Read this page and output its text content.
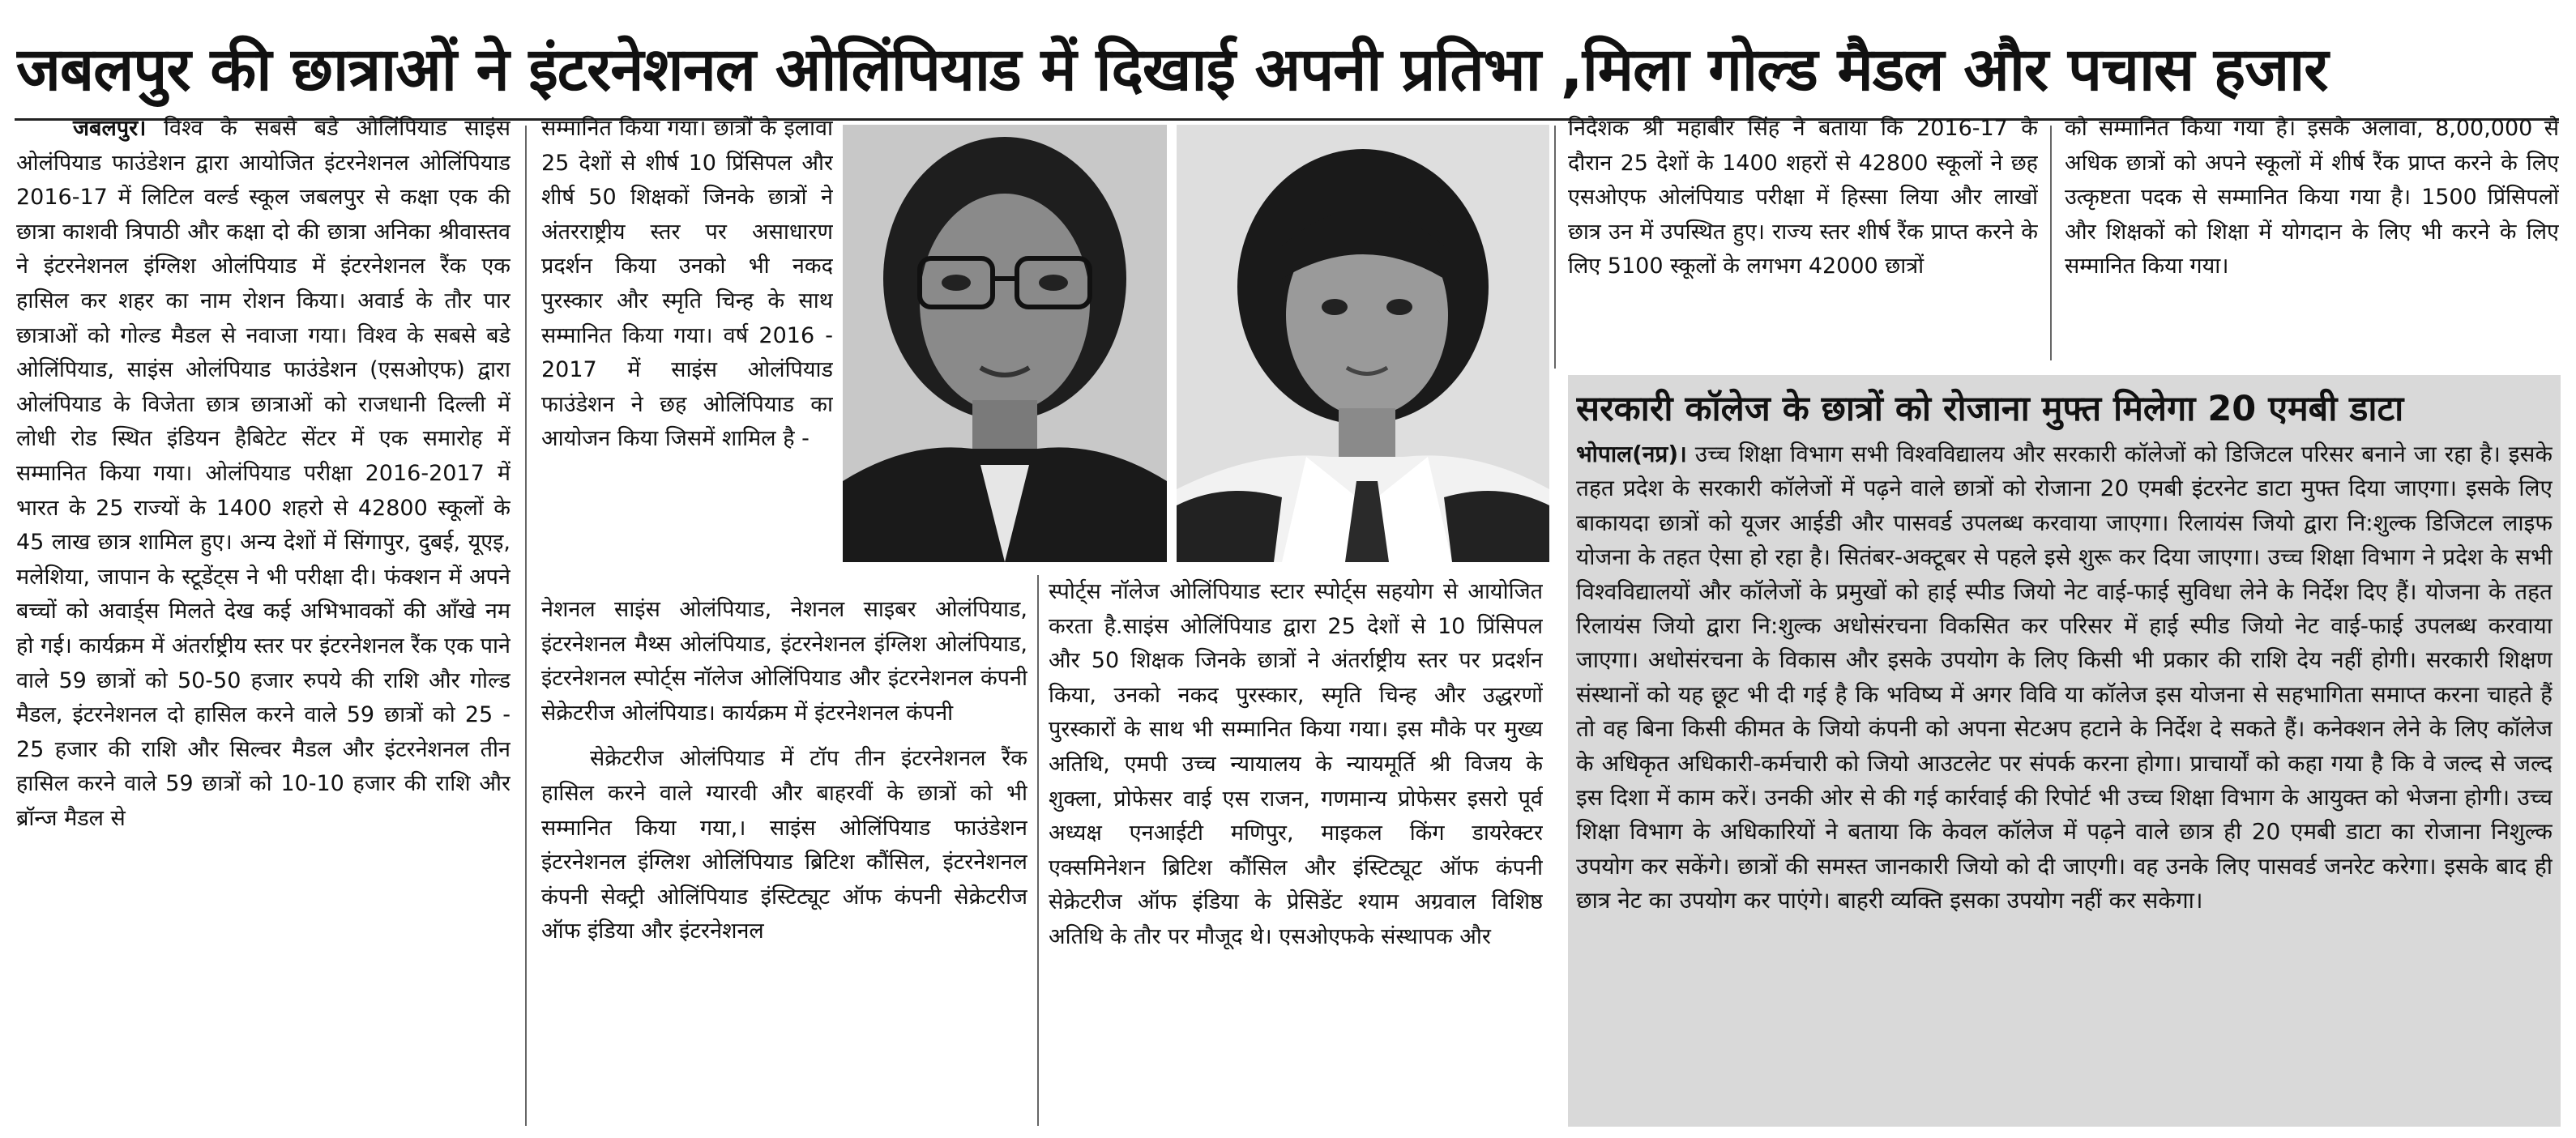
जबलपुर की छात्राओं ने इंटरनेशनल ओलिंपियाड में दिखाई अपनी प्रतिभा ,मिला गोल्ड मैडल और पचास हजार

जबलपुर। विश्व के सबसे बडे ओलिंपियाड साइंस ओलंपियाड फाउंडेशन द्वारा आयोजित इंटरनेशनल ओलिंपियाड 2016-17 में लिटिल वर्ल्ड स्कूल जबलपुर से कक्षा एक की छात्रा काशवी त्रिपाठी और कक्षा दो की छात्रा अनिका श्रीवास्तव ने इंटरनेशनल इंग्लिश ओलंपियाड में इंटरनेशनल रैंक एक हासिल कर शहर का नाम रोशन किया। अवार्ड के तौर पार छात्राओं को गोल्ड मैडल से नवाजा गया। विश्व के सबसे बडे ओलिंपियाड, साइंस ओलंपियाड फाउंडेशन (एसओएफ) द्वारा ओलंपियाड के विजेता छात्र छात्राओं को राजधानी दिल्ली में लोधी रोड स्थित इंडियन हैबिटेट सेंटर में एक समारोह में सम्मानित किया गया। ओलंपियाड परीक्षा 2016-2017 में भारत के 25 राज्यों के 1400 शहरो से 42800 स्कूलों के 45 लाख छात्र शामिल हुए। अन्य देशों में सिंगापुर, दुबई, यूएइ, मलेशिया, जापान के स्टूडेंट्स ने भी परीक्षा दी। फंक्शन में अपने बच्चों को अवार्ड्स मिलते देख कई अभिभावकों की आँखे नम हो गई। कार्यक्रम में अंतर्राष्ट्रीय स्तर पर इंटरनेशनल रैंक एक पाने वाले 59 छात्रों को 50-50 हजार रुपये की राशि और गोल्ड मैडल, इंटरनेशनल दो हासिल करने वाले 59 छात्रों को 25 - 25 हजार की राशि और सिल्वर मैडल और इंटरनेशनल तीन हासिल करने वाले 59 छात्रों को 10-10 हजार की राशि और ब्रॉन्ज मैडल से

सम्मानित किया गया। छात्रों के इलावा 25 देशों से शीर्ष 10 प्रिंसिपल और शीर्ष 50 शिक्षकों जिनके छात्रों ने अंतरराष्ट्रीय स्तर पर असाधारण प्रदर्शन किया उनको भी नकद पुरस्कार और स्मृति चिन्ह के साथ सम्मानित किया गया। वर्ष 2016 - 2017 में साइंस ओलंपियाड फाउंडेशन ने छह ओलिंपियाड का आयोजन किया जिसमें शामिल है -

नेशनल साइंस ओलंपियाड, नेशनल साइबर ओलंपियाड, इंटरनेशनल मैथ्स ओलंपियाड, इंटरनेशनल इंग्लिश ओलंपियाड, इंटरनेशनल स्पोर्ट्स नॉलेज ओलिंपियाड और इंटरनेशनल कंपनी सेक्रेटरीज ओलंपियाड। कार्यक्रम में इंटरनेशनल कंपनी

सेक्रेटरीज ओलंपियाड में टॉप तीन इंटरनेशनल रैंक हासिल करने वाले ग्यारवी और बाहरवीं के छात्रों को भी सम्मानित किया गया,। साइंस ओलिंपियाड फाउंडेशन इंटरनेशनल इंग्लिश ओलिंपियाड ब्रिटिश कौंसिल, इंटरनेशनल कंपनी सेक्ट्री ओलिंपियाड इंस्टिट्यूट ऑफ कंपनी सेक्रेटरीज ऑफ इंडिया और इंटरनेशनल

स्पोर्ट्स नॉलेज ओलिंपियाड स्टार स्पोर्ट्स सहयोग से आयोजित करता है.साइंस ओलिंपियाड द्वारा 25 देशों से 10 प्रिंसिपल और 50 शिक्षक जिनके छात्रों ने अंतर्राष्ट्रीय स्तर पर प्रदर्शन किया, उनको नकद पुरस्कार, स्मृति चिन्ह और उद्धरणों पुरस्कारों के साथ भी सम्मानित किया गया। इस मौके पर मुख्य अतिथि, एमपी उच्च न्यायालय के न्यायमूर्ति श्री विजय के शुक्ला, प्रोफेसर वाई एस राजन, गणमान्य प्रोफेसर इसरो पूर्व अध्यक्ष एनआईटी मणिपुर, माइकल किंग डायरेक्टर एक्समिनेशन ब्रिटिश कौंसिल और इंस्टिट्यूट ऑफ कंपनी सेक्रेटरीज ऑफ इंडिया के प्रेसिडेंट श्याम अग्रवाल विशिष्ठ अतिथि के तौर पर मौजूद थे। एसओएफके संस्थापक और

निदेशक श्री महाबीर सिंह ने बताया कि 2016-17 के दौरान 25 देशों के 1400 शहरों से 42800 स्कूलों ने छह एसओएफ ओलंपियाड परीक्षा में हिस्सा लिया और लाखों छात्र उन में उपस्थित हुए। राज्य स्तर शीर्ष रैंक प्राप्त करने के लिए 5100 स्कूलों के लगभग 42000 छात्रों

को सम्मानित किया गया है। इसके अलावा, 8,00,000 से अधिक छात्रों को अपने स्कूलों में शीर्ष रैंक प्राप्त करने के लिए उत्कृष्टता पदक से सम्मानित किया गया है। 1500 प्रिंसिपलों और शिक्षकों को शिक्षा में योगदान के लिए भी करने के लिए सम्मानित किया गया।

सरकारी कॉलेज के छात्रों को रोजाना मुफ्त मिलेगा 20 एमबी डाटा

भोपाल(नप्र)। उच्च शिक्षा विभाग सभी विश्वविद्यालय और सरकारी कॉलेजों को डिजिटल परिसर बनाने जा रहा है। इसके तहत प्रदेश के सरकारी कॉलेजों में पढ़ने वाले छात्रों को रोजाना 20 एमबी इंटरनेट डाटा मुफ्त दिया जाएगा। इसके लिए बाकायदा छात्रों को यूजर आईडी और पासवर्ड उपलब्ध करवाया जाएगा। रिलायंस जियो द्वारा नि:शुल्क डिजिटल लाइफ योजना के तहत ऐसा हो रहा है। सितंबर-अक्टूबर से पहले इसे शुरू कर दिया जाएगा। उच्च शिक्षा विभाग ने प्रदेश के सभी विश्वविद्यालयों और कॉलेजों के प्रमुखों को हाई स्पीड जियो नेट वाई-फाई सुविधा लेने के निर्देश दिए हैं। योजना के तहत रिलायंस जियो द्वारा नि:शुल्क अधोसंरचना विकसित कर परिसर में हाई स्पीड जियो नेट वाई-फाई उपलब्ध करवाया जाएगा। अधोसंरचना के विकास और इसके उपयोग के लिए किसी भी प्रकार की राशि देय नहीं होगी। सरकारी शिक्षण संस्थानों को यह छूट भी दी गई है कि भविष्य में अगर विवि या कॉलेज इस योजना से सहभागिता समाप्त करना चाहते हैं तो वह बिना किसी कीमत के जियो कंपनी को अपना सेटअप हटाने के निर्देश दे सकते हैं। कनेक्शन लेने के लिए कॉलेज के अधिकृत अधिकारी-कर्मचारी को जियो आउटलेट पर संपर्क करना होगा। प्राचार्यों को कहा गया है कि वे जल्द से जल्द इस दिशा में काम करें। उनकी ओर से की गई कार्रवाई की रिपोर्ट भी उच्च शिक्षा विभाग के आयुक्त को भेजना होगी। उच्च शिक्षा विभाग के अधिकारियों ने बताया कि केवल कॉलेज में पढ़ने वाले छात्र ही 20 एमबी डाटा का रोजाना निशुल्क उपयोग कर सकेंगे। छात्रों की समस्त जानकारी जियो को दी जाएगी। वह उनके लिए पासवर्ड जनरेट करेगा। इसके बाद ही छात्र नेट का उपयोग कर पाएंगे। बाहरी व्यक्ति इसका उपयोग नहीं कर सकेगा।
